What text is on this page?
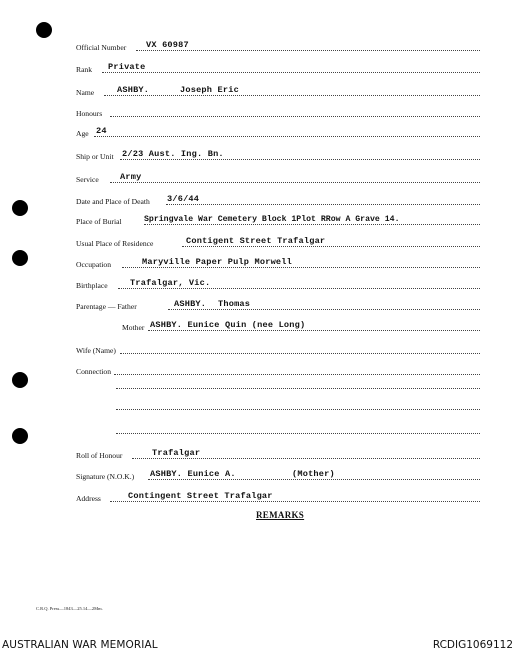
Official Number VX 60987
Rank Private
Name	ASHBY.	Joseph Eric
Honours
Age 24
Ship or Unit 2/23 Aust. Ing. Bn.
Service Army
Date and Place of Death 3/6/44
Place of Burial	Springvale War Cemetery Block 1Plot RRow A Grave 14.
Usual Place of Residence	Contigent Street Trafalgar
Occupation	Maryville Paper Pulp Morwell
Birthplace	Trafalgar, Vic.
Parentage — Father	ASHBY. Thomas
Mother ASHBY. Eunice Quin (nee Long)
Wife (Name)
Connection
Roll of Honour	Trafalgar
Signature (N.O.K.) ASHBY. Eunice A.	(Mother)
Address	Contingent Street Trafalgar
REMARKS
C.R.Q. Press—1843—25.14—2Mm.
AUSTRALIAN WAR MEMORIAL	RCDIG1069112
